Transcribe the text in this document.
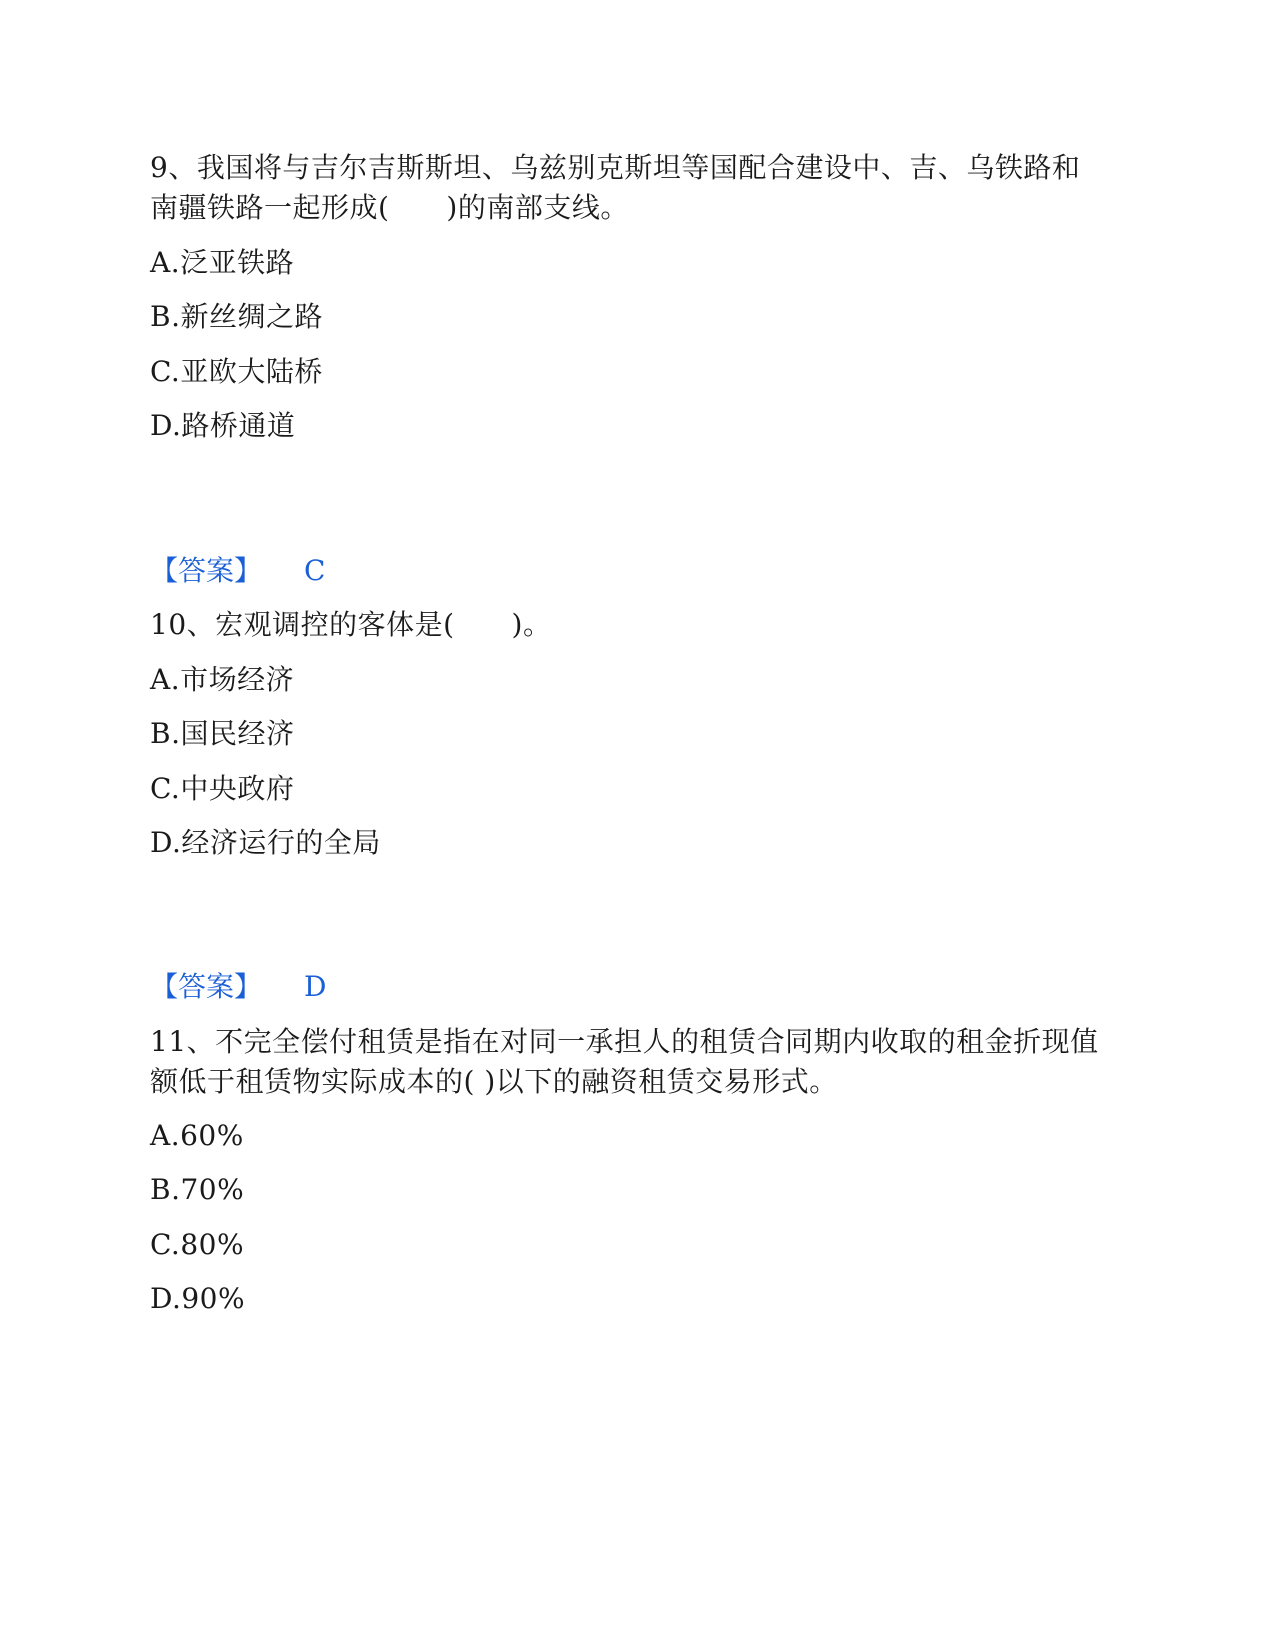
9、我国将与吉尔吉斯斯坦、乌兹别克斯坦等国配合建设中、吉、乌铁路和
南疆铁路一起形成(　　)的南部支线。
A.泛亚铁路
B.新丝绸之路
C.亚欧大陆桥
D.路桥通道
【答案】 C
10、宏观调控的客体是(　　)。
A.市场经济
B.国民经济
C.中央政府
D.经济运行的全局
【答案】 D
11、不完全偿付租赁是指在对同一承担人的租赁合同期内收取的租金折现值
额低于租赁物实际成本的( )以下的融资租赁交易形式。
A.60%
B.70%
C.80%
D.90%
